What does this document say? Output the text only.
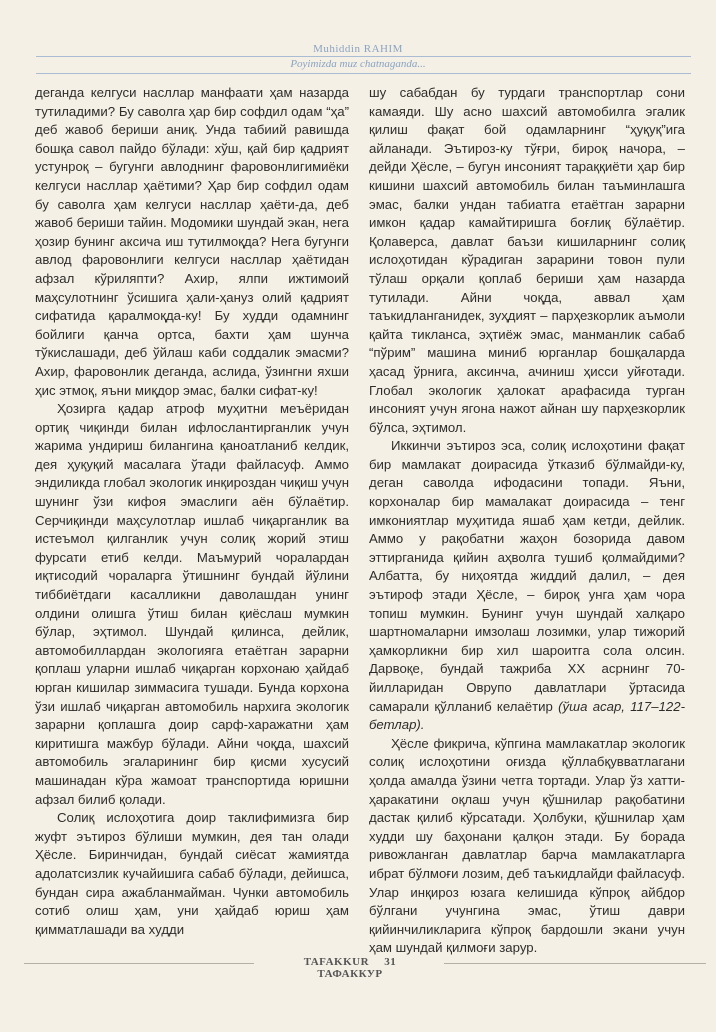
Muhiddin RAHIM
Poyimizda muz chatnaganda...

деганда келгуси насллар манфаати ҳам назарда тутиладими? Бу саволга ҳар бир софдил одам “ҳа” деб жавоб бериши аниқ. Унда табиий равишда бошқа савол пайдо бўлади: хўш, қай бир қадрият устунроқ – бугунги авлоднинг фаровонлигимиёки келгуси насллар ҳаётими? Ҳар бир софдил одам бу саволга ҳам келгуси насллар ҳаёти-да, деб жавоб бериши тайин. Модомики шундай экан, нега ҳозир бунинг аксича иш тутилмоқда? Нега бугунги авлод фаровонлиги келгуси насллар ҳаётидан афзал кўриляпти? Ахир, ялпи ижтимоий маҳсулотнинг ўсишига ҳали-ҳануз олий қадрият сифатида қаралмоқда-ку! Бу худди одамнинг бойлиги қанча ортса, бахти ҳам шунча тўкислашади, деб ўйлаш каби соддалик эмасми? Ахир, фаровонлик деганда, аслида, ўзингни яхши ҳис этмоқ, яъни миқдор эмас, балки сифат-ку!

Ҳозирга қадар атроф муҳитни меъёридан ортиқ чиқинди билан ифлослантирганлик учун жарима ундириш билангина қаноатланиб келдик, дея ҳуқуқий масалага ўтади файласуф. Аммо эндиликда глобал экологик инқироздан чиқиш учун шунинг ўзи кифоя эмаслиги аён бўлаётир. Серчиқинди маҳсулотлар ишлаб чиқарганлик ва истеъмол қилганлик учун солиқ жорий этиш фурсати етиб келди. Маъмурий чоралардан иқтисодий чораларга ўтишнинг бундай йўлини тиббиётдаги касалликни даволашдан унинг олдини олишга ўтиш билан қиёслаш мумкин бўлар, эҳтимол. Шундай қилинса, дейлик, автомобиллардан экологияга етаётган зарарни қоплаш уларни ишлаб чиқарган корхонаю ҳайдаб юрган кишилар зиммасига тушади. Бунда корхона ўзи ишлаб чиқарган автомобиль нархига экологик зарарни қоплашга доир сарф-харажатни ҳам киритишга мажбур бўлади. Айни чоқда, шахсий автомобиль эгаларининг бир қисми хусусий машинадан кўра жамоат транспортида юришни афзал билиб қолади.

Солиқ ислоҳотига доир таклифимизга бир жуфт эътироз бўлиши мумкин, дея тан олади Ҳёсле. Биринчидан, бундай сиёсат жамиятда адолатсизлик кучайишига сабаб бўлади, дейишса, бундан сира ажабланмайман. Чунки автомобиль сотиб олиш ҳам, уни ҳайдаб юриш ҳам қимматлашади ва худди

шу сабабдан бу турдаги транспортлар сони камаяди. Шу асно шахсий автомобилга эгалик қилиш фақат бой одамларнинг “ҳуқуқ”ига айланади. Эътироз-ку тўғри, бироқ начора, – дейди Ҳёсле, – бугун инсоният тараққиёти ҳар бир кишини шахсий автомобиль билан таъминлашга эмас, балки ундан табиатга етаётган зарарни имкон қадар камайтиришга боғлиқ бўлаётир. Қолаверса, давлат баъзи кишиларнинг солиқ ислоҳотидан кўрадиган зарарини товон пули тўлаш орқали қоплаб бериши ҳам назарда тутилади. Айни чоқда, аввал ҳам таъкидланганидек, зуҳдият – парҳезкорлик аъмоли қайта тикланса, эҳтиёж эмас, манманлик сабаб “пўрим” машина миниб юрганлар бошқаларда ҳасад ўрнига, аксинча, ачиниш ҳисси уйғотади. Глобал экологик ҳалокат арафасида турган инсоният учун ягона нажот айнан шу парҳезкорлик бўлса, эҳтимол.

Иккинчи эътироз эса, солиқ ислоҳотини фақат бир мамлакат доирасида ўтказиб бўлмайди-ку, деган саволда ифодасини топади. Яъни, корхоналар бир мамалакат доирасида – тенг имкониятлар муҳитида яшаб ҳам кетди, дейлик. Аммо у рақобатни жаҳон бозорида давом эттирганида қийин аҳволга тушиб қолмайдими? Албатта, бу ниҳоятда жиддий далил, – дея эътироф этади Ҳёсле, – бироқ унга ҳам чора топиш мумкин. Бунинг учун шундай халқаро шартномаларни имзолаш лозимки, улар тижорий ҳамкорликни бир хил шароитга сола олсин. Дарвоқе, бундай тажриба XX асрнинг 70-йилларидан Оврупо давлатлари ўртасида самарали қўлланиб келаётир (ўша асар, 117–122-бетлар).

Ҳёсле фикрича, кўпгина мамлакатлар экологик солиқ ислоҳотини оғизда қўллабқувватлагани ҳолда амалда ўзини четга тортади. Улар ўз хатти-ҳаракатини оқлаш учун қўшнилар рақобатини дастак қилиб кўрсатади. Ҳолбуки, қўшнилар ҳам худди шу баҳонани қалқон этади. Бу борада ривожланган давлатлар барча мамлакатларга ибрат бўлмоғи лозим, деб таъкидлайди файласуф. Улар инқироз юзага келишида кўпроқ айбдор бўлгани учунгина эмас, ўтиш даври қийинчиликларига кўпроқ бардошли экани учун ҳам шундай қилмоғи зарур.

TAFAKKUR 31 ТАФАККУР
